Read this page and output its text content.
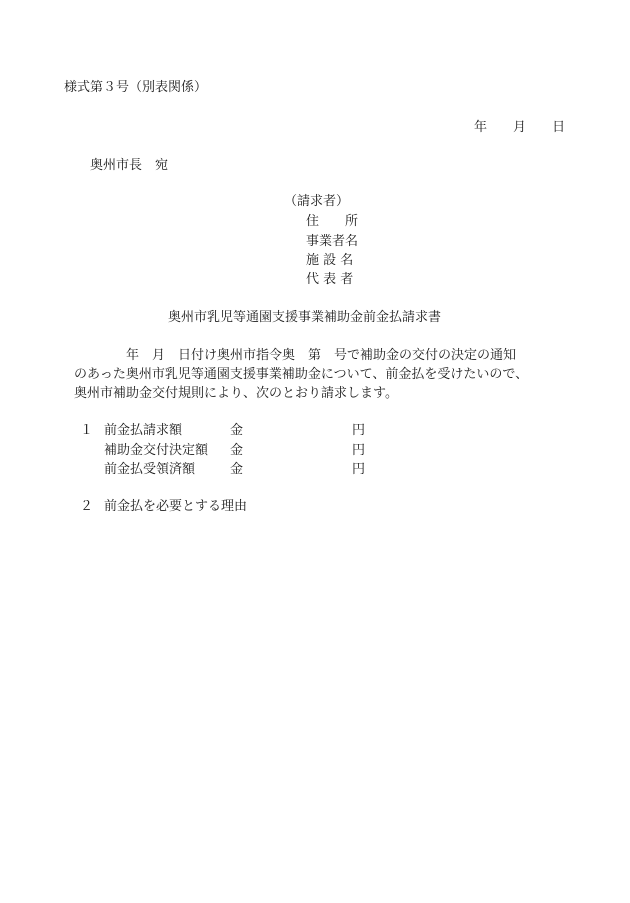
様式第３号（別表関係）
年　　 月　　 日
奥州市長　 宛
（請求者）
住　　所
事業者名
施 設 名
代 表 者
奥州市乳児等通園支援事業補助金前金払請求書
　　　　年　月　日付け奥州市指令奥　第　号で補助金の交付の決定の通知
のあった奥州市乳児等通園支援事業補助金について、前金払を受けたいので、
奥州市補助金交付規則により、次のとおり請求します。
１ 前金払請求額	金	円
補助金交付決定額 金	円
前金払受領済額	金	円
２ 前金払を必要とする理由
